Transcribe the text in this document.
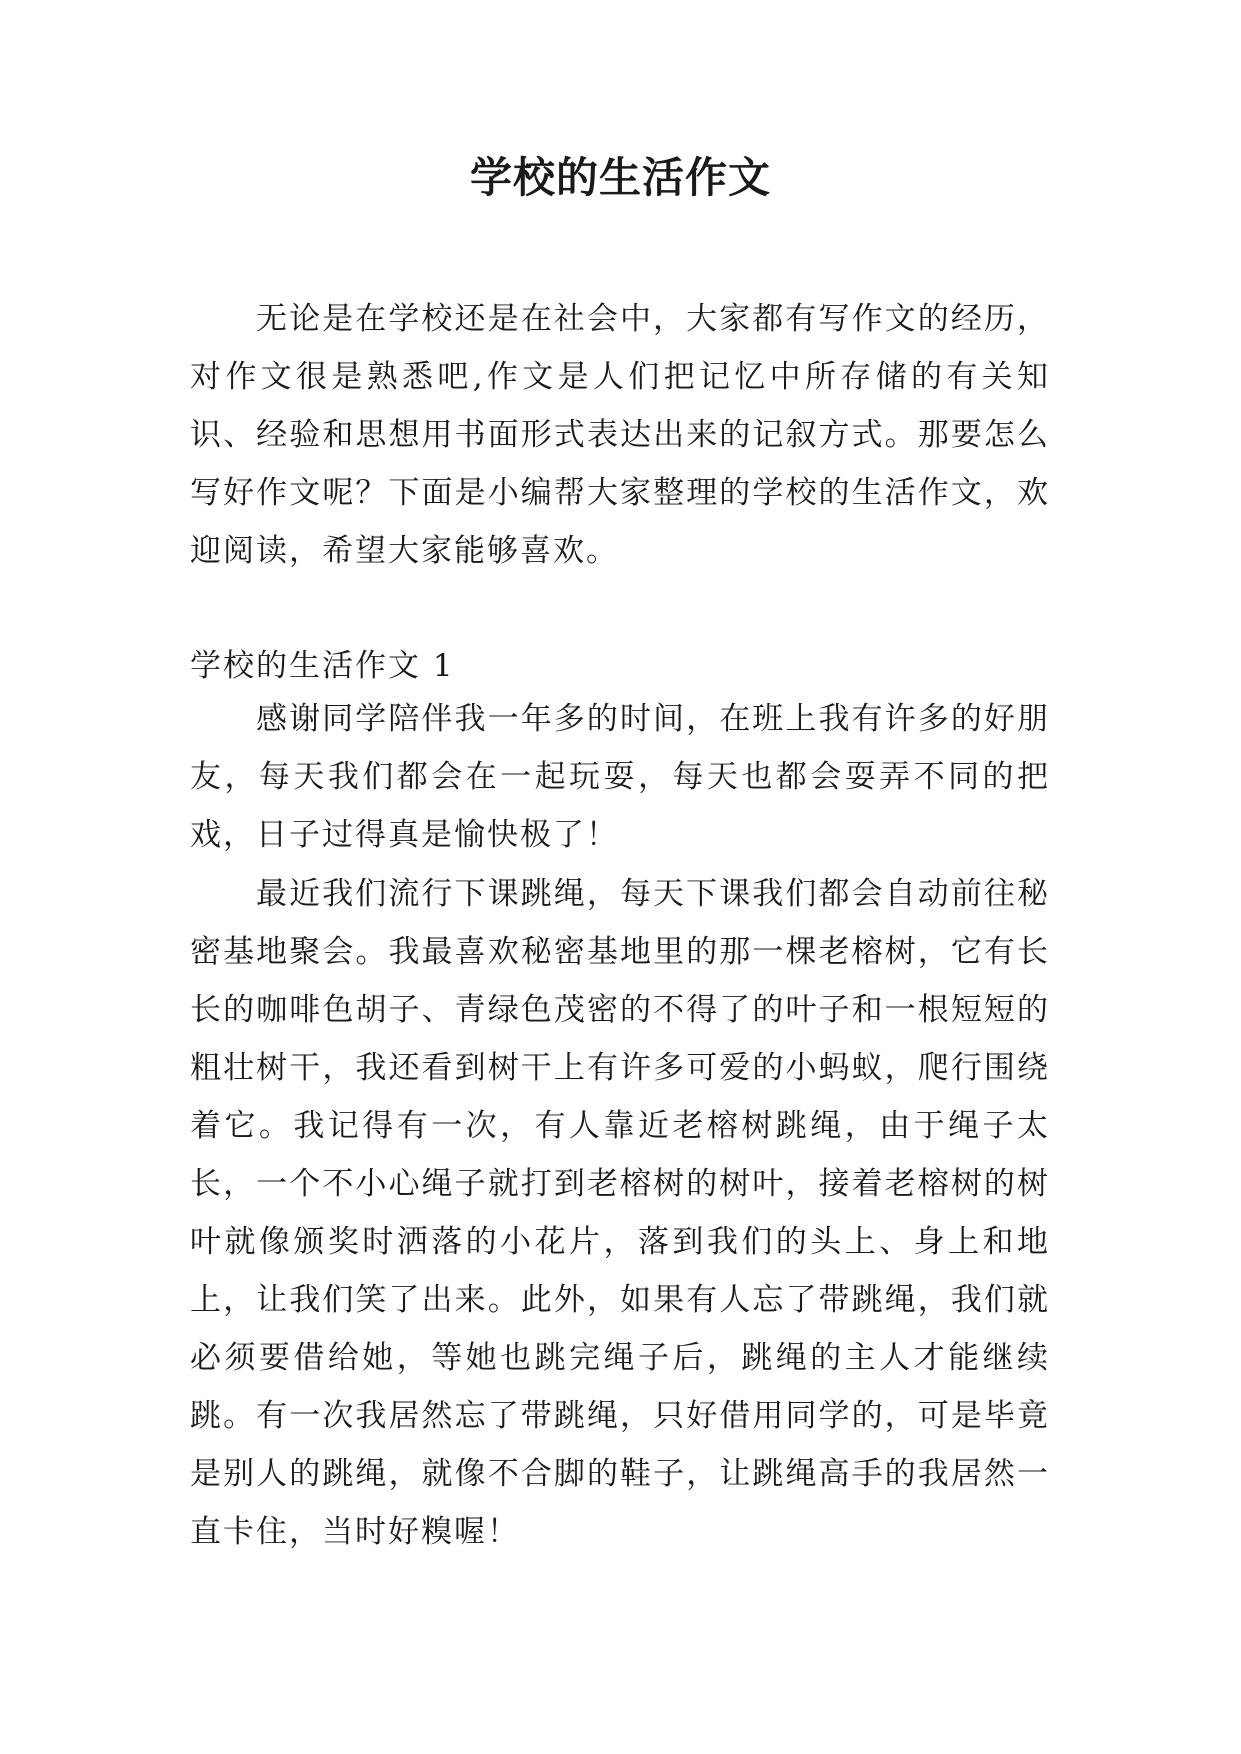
学校的生活作文

无论是在学校还是在社会中，大家都有写作文的经历，对作文很是熟悉吧,作文是人们把记忆中所存储的有关知识、经验和思想用书面形式表达出来的记叙方式。那要怎么写好作文呢？下面是小编帮大家整理的学校的生活作文，欢迎阅读，希望大家能够喜欢。

学校的生活作文 1

感谢同学陪伴我一年多的时间，在班上我有许多的好朋友，每天我们都会在一起玩耍，每天也都会耍弄不同的把戏，日子过得真是愉快极了！

最近我们流行下课跳绳，每天下课我们都会自动前往秘密基地聚会。我最喜欢秘密基地里的那一棵老榕树，它有长长的咖啡色胡子、青绿色茂密的不得了的叶子和一根短短的粗壮树干，我还看到树干上有许多可爱的小蚂蚁，爬行围绕着它。我记得有一次，有人靠近老榕树跳绳，由于绳子太长，一个不小心绳子就打到老榕树的树叶，接着老榕树的树叶就像颁奖时洒落的小花片，落到我们的头上、身上和地上，让我们笑了出来。此外，如果有人忘了带跳绳，我们就必须要借给她，等她也跳完绳子后，跳绳的主人才能继续跳。有一次我居然忘了带跳绳，只好借用同学的，可是毕竟是别人的跳绳，就像不合脚的鞋子，让跳绳高手的我居然一直卡住，当时好糗喔！
